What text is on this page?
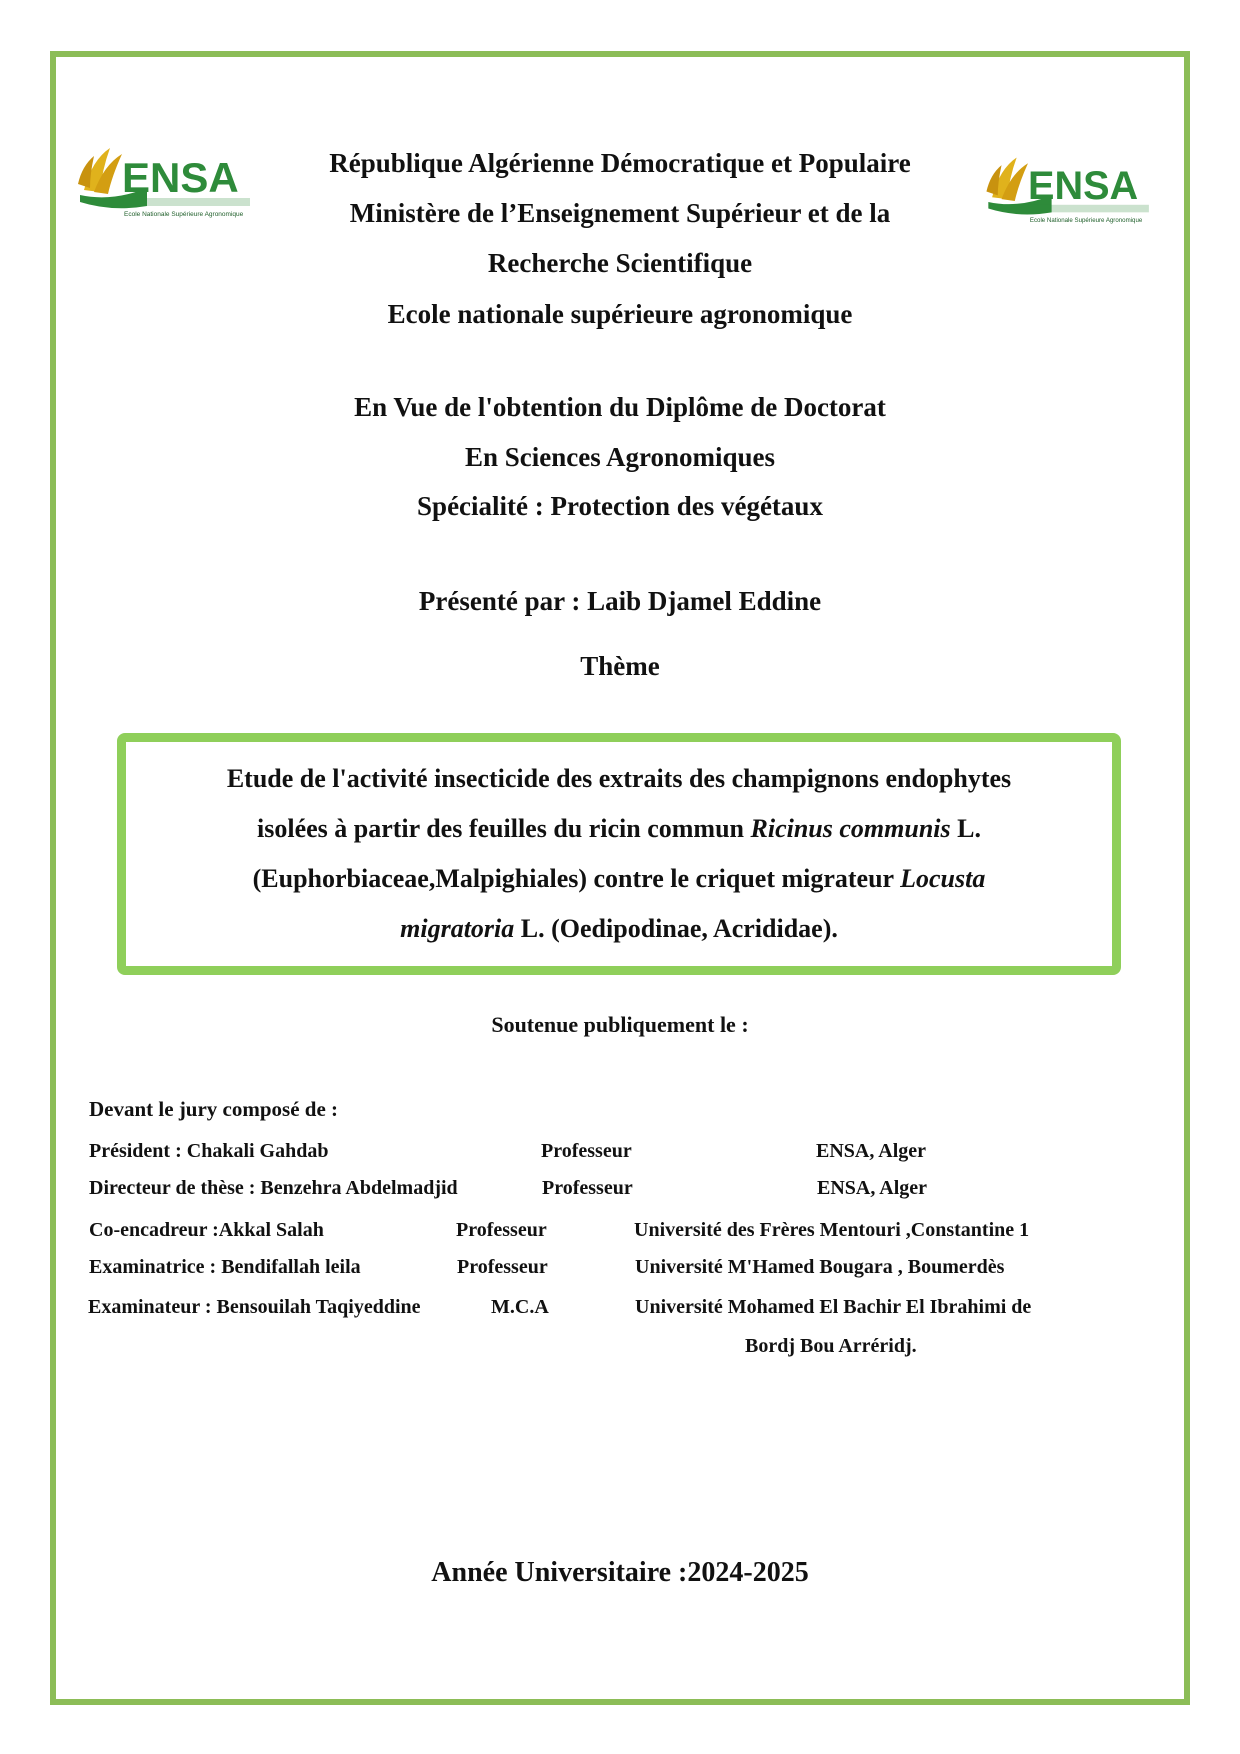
ENSA
Ecole Nationale Supérieure Agronomique
ENSA
Ecole Nationale Supérieure Agronomique
République Algérienne Démocratique et Populaire
Ministère de l’Enseignement Supérieur et de la
Recherche Scientifique
Ecole nationale supérieure agronomique
En Vue de l'obtention du Diplôme de Doctorat
En Sciences Agronomiques
Spécialité : Protection des végétaux
Présenté par : Laib Djamel Eddine
Thème
Etude de l'activité insecticide des extraits des champignons endophytes
isolées à partir des feuilles du ricin commun Ricinus communis L.
(Euphorbiaceae,Malpighiales) contre le criquet migrateur Locusta
migratoria L. (Oedipodinae, Acrididae).
Soutenue publiquement le :
Devant le jury composé de :
Président : Chakali Gahdab	Professeur	ENSA, Alger
Directeur de thèse : Benzehra Abdelmadjid	Professeur	ENSA, Alger
Co-encadreur :Akkal Salah	Professeur	Université des Frères Mentouri ,Constantine 1
Examinatrice : Bendifallah leila	Professeur	Université M'Hamed Bougara , Boumerdès
Examinateur : Bensouilah Taqiyeddine	M.C.A	Université Mohamed El Bachir El Ibrahimi de
Bordj Bou Arréridj.
Année Universitaire :2024-2025
